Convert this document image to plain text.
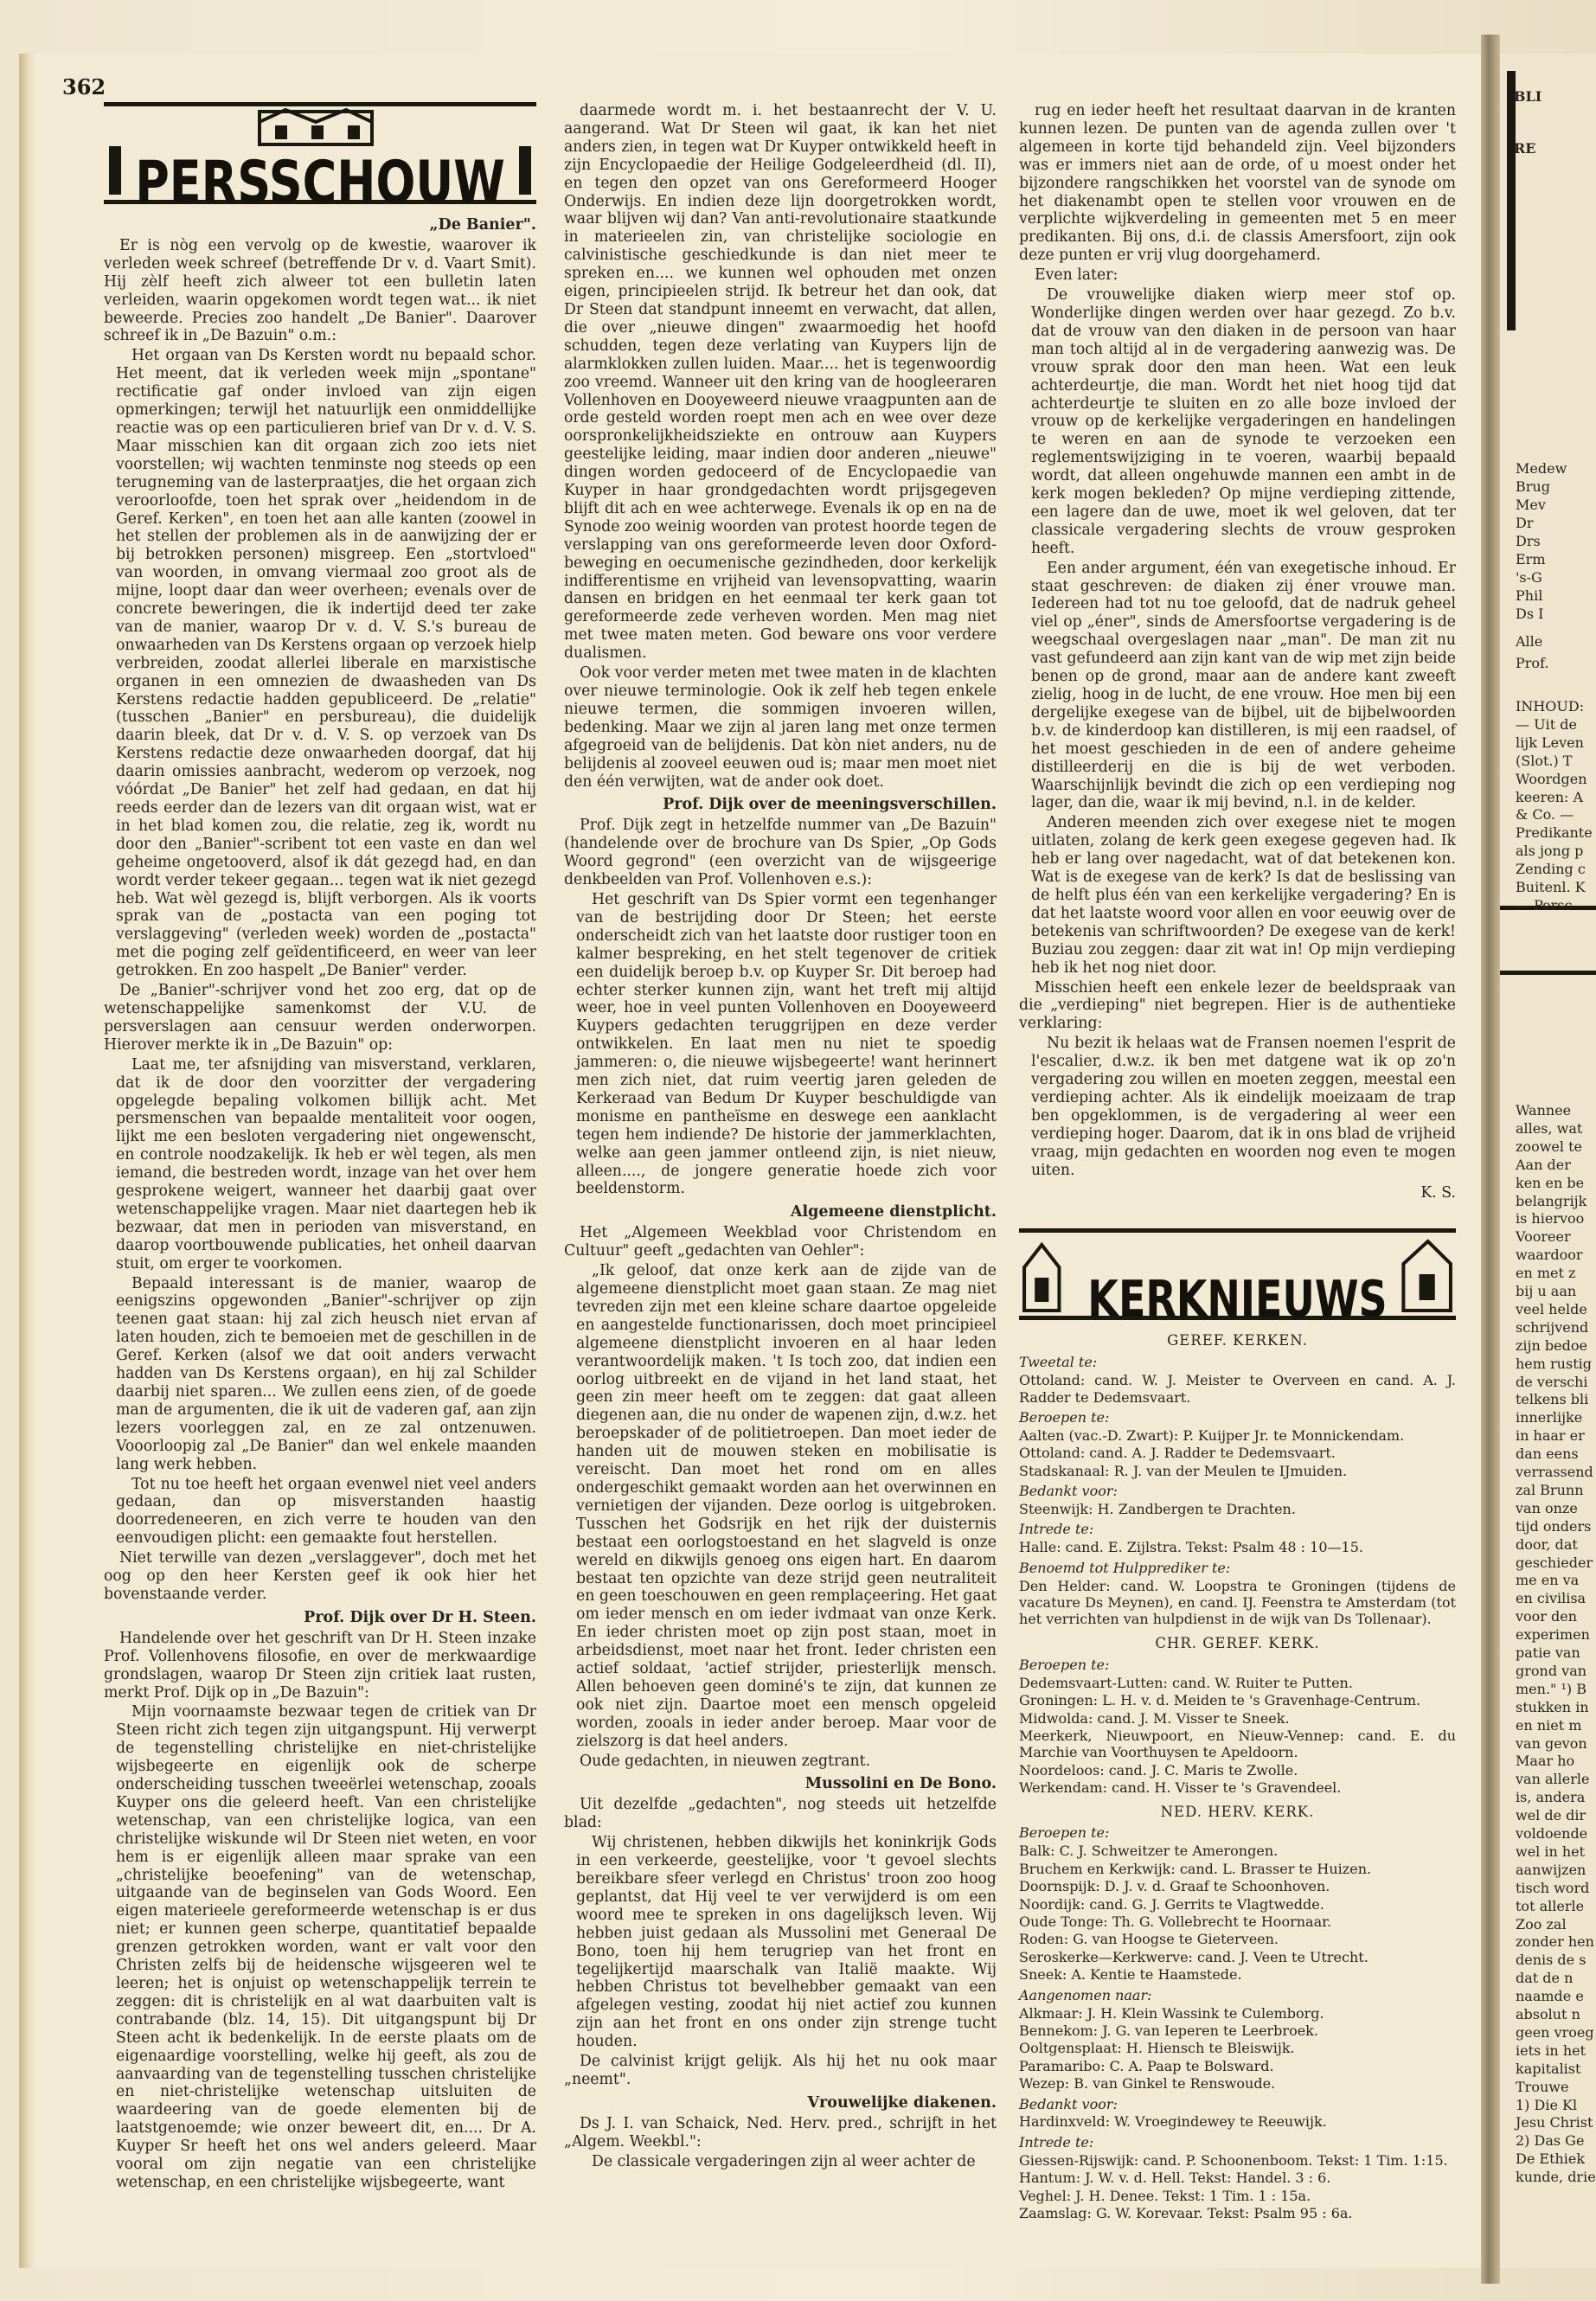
362
PERSSCHOUW
„De Banier".

Er is nòg een vervolg op de kwestie, waarover ik verleden week schreef (betreffende Dr v. d. Vaart Smit). Hij zèlf heeft zich alweer tot een bulletin laten verleiden, waarin opgekomen wordt tegen wat... ik niet beweerde. Precies zoo handelt „De Banier". Daarover schreef ik in „De Bazuin" o.m.:

Het orgaan van Ds Kersten wordt nu bepaald schor. Het meent, dat ik verleden week mijn „spontane" rectificatie gaf onder invloed van zijn eigen opmerkingen; terwijl het natuurlijk een onmiddellijke reactie was op een particulieren brief van Dr v. d. V. S. Maar misschien kan dit orgaan zich zoo iets niet voorstellen; wij wachten tenminste nog steeds op een terugneming van de lasterpraatjes, die het orgaan zich veroorloofde, toen het sprak over „heidendom in de Geref. Kerken", en toen het aan alle kanten (zoowel in het stellen der problemen als in de aanwijzing der er bij betrokken personen) misgreep. Een „stortvloed" van woorden, in omvang viermaal zoo groot als de mijne, loopt daar dan weer overheen; evenals over de concrete beweringen, die ik indertijd deed ter zake van de manier, waarop Dr v. d. V. S.'s bureau de onwaarheden van Ds Kerstens orgaan op verzoek hielp verbreiden, zoodat allerlei liberale en marxistische organen in een omnezien de dwaasheden van Ds Kerstens redactie hadden gepubliceerd. De „relatie" (tusschen „Banier" en persbureau), die duidelijk daarin bleek, dat Dr v. d. V. S. op verzoek van Ds Kerstens redactie deze onwaarheden doorgaf, dat hij daarin omissies aanbracht, wederom op verzoek, nog vóórdat „De Banier" het zelf had gedaan, en dat hij reeds eerder dan de lezers van dit orgaan wist, wat er in het blad komen zou, die relatie, zeg ik, wordt nu door den „Banier"-scribent tot een vaste en dan wel geheime ongetooverd, alsof ik dát gezegd had, en dan wordt verder tekeer gegaan... tegen wat ik niet gezegd heb. Wat wèl gezegd is, blijft verborgen. Als ik voorts sprak van de „postacta van een poging tot verslaggeving" (verleden week) worden de „postacta" met die poging zelf geïdentificeerd, en weer van leer getrokken. En zoo haspelt „De Banier" verder.

De „Banier"-schrijver vond het zoo erg, dat op de wetenschappelijke samenkomst der V.U. de persverslagen aan censuur werden onderworpen. Hierover merkte ik in „De Bazuin" op:

Laat me, ter afsnijding van misverstand, verklaren, dat ik de door den voorzitter der vergadering opgelegde bepaling volkomen billijk acht. Met persmenschen van bepaalde mentaliteit voor oogen, lijkt me een besloten vergadering niet ongewenscht, en controle noodzakelijk. Ik heb er wèl tegen, als men iemand, die bestreden wordt, inzage van het over hem gesprokene weigert, wanneer het daarbij gaat over wetenschappelijke vragen. Maar niet daartegen heb ik bezwaar, dat men in perioden van misverstand, en daarop voortbouwende publicaties, het onheil daarvan stuit, om erger te voorkomen.

Bepaald interessant is de manier, waarop de eenigszins opgewonden „Banier"-schrijver op zijn teenen gaat staan: hij zal zich heusch niet ervan af laten houden, zich te bemoeien met de geschillen in de Geref. Kerken (alsof we dat ooit anders verwacht hadden van Ds Kerstens orgaan), en hij zal Schilder daarbij niet sparen... We zullen eens zien, of de goede man de argumenten, die ik uit de vaderen gaf, aan zijn lezers voorleggen zal, en ze zal ontzenuwen. Vooorloopig zal „De Banier" dan wel enkele maanden lang werk hebben.

Tot nu toe heeft het orgaan evenwel niet veel anders gedaan, dan op misverstanden haastig doorredeneeren, en zich verre te houden van den eenvoudigen plicht: een gemaakte fout herstellen.

Niet terwille van dezen „verslaggever", doch met het oog op den heer Kersten geef ik ook hier het bovenstaande verder.

Prof. Dijk over Dr H. Steen.

Handelende over het geschrift van Dr H. Steen inzake Prof. Vollenhovens filosofie, en over de merkwaardige grondslagen, waarop Dr Steen zijn critiek laat rusten, merkt Prof. Dijk op in „De Bazuin":

Mijn voornaamste bezwaar tegen de critiek van Dr Steen richt zich tegen zijn uitgangspunt. Hij verwerpt de tegenstelling christelijke en niet-christelijke wijsbegeerte en eigenlijk ook de scherpe onderscheiding tusschen tweeërlei wetenschap, zooals Kuyper ons die geleerd heeft. Van een christelijke wetenschap, van een christelijke logica, van een christelijke wiskunde wil Dr Steen niet weten, en voor hem is er eigenlijk alleen maar sprake van een „christelijke beoefening" van de wetenschap, uitgaande van de beginselen van Gods Woord. Een eigen materieele gereformeerde wetenschap is er dus niet; er kunnen geen scherpe, quantitatief bepaalde grenzen getrokken worden, want er valt voor den Christen zelfs bij de heidensche wijsgeeren wel te leeren; het is onjuist op wetenschappelijk terrein te zeggen: dit is christelijk en al wat daarbuiten valt is contrabande (blz. 14, 15). Dit uitgangspunt bij Dr Steen acht ik bedenkelijk. In de eerste plaats om de eigenaardige voorstelling, welke hij geeft, als zou de aanvaarding van de tegenstelling tusschen christelijke en niet-christelijke wetenschap uitsluiten de waardeering van de goede elementen bij de laatstgenoemde; wie onzer beweert dit, en.... Dr A. Kuyper Sr heeft het ons wel anders geleerd. Maar vooral om zijn negatie van een christelijke wetenschap, en een christelijke wijsbegeerte, want

daarmede wordt m. i. het bestaanrecht der V. U. aangerand. Wat Dr Steen wil gaat, ik kan het niet anders zien, in tegen wat Dr Kuyper ontwikkeld heeft in zijn Encyclopaedie der Heilige Godgeleerdheid (dl. II), en tegen den opzet van ons Gereformeerd Hooger Onderwijs. En indien deze lijn doorgetrokken wordt, waar blijven wij dan? Van anti-revolutionaire staatkunde in materieelen zin, van christelijke sociologie en calvinistische geschiedkunde is dan niet meer te spreken en.... we kunnen wel ophouden met onzen eigen, principieelen strijd. Ik betreur het dan ook, dat Dr Steen dat standpunt inneemt en verwacht, dat allen, die over „nieuwe dingen" zwaarmoedig het hoofd schudden, tegen deze verlating van Kuypers lijn de alarmklokken zullen luiden. Maar.... het is tegenwoordig zoo vreemd. Wanneer uit den kring van de hoogleeraren Vollenhoven en Dooyeweerd nieuwe vraagpunten aan de orde gesteld worden roept men ach en wee over deze oorspronkelijkheidsziekte en ontrouw aan Kuypers geestelijke leiding, maar indien door anderen „nieuwe" dingen worden gedoceerd of de Encyclopaedie van Kuyper in haar grondgedachten wordt prijsgegeven blijft dit ach en wee achterwege. Evenals ik op en na de Synode zoo weinig woorden van protest hoorde tegen de verslapping van ons gereformeerde leven door Oxford-beweging en oecumenische gezindheden, door kerkelijk indifferentisme en vrijheid van levensopvatting, waarin dansen en bridgen en het eenmaal ter kerk gaan tot gereformeerde zede verheven worden. Men mag niet met twee maten meten. God beware ons voor verdere dualismen.

Ook voor verder meten met twee maten in de klachten over nieuwe terminologie. Ook ik zelf heb tegen enkele nieuwe termen, die sommigen invoeren willen, bedenking. Maar we zijn al jaren lang met onze termen afgegroeid van de belijdenis. Dat kòn niet anders, nu de belijdenis al zooveel eeuwen oud is; maar men moet niet den één verwijten, wat de ander ook doet.

Prof. Dijk over de meeningsverschillen.

Prof. Dijk zegt in hetzelfde nummer van „De Bazuin" (handelende over de brochure van Ds Spier, „Op Gods Woord gegrond" (een overzicht van de wijsgeerige denkbeelden van Prof. Vollenhoven e.s.):

Het geschrift van Ds Spier vormt een tegenhanger van de bestrijding door Dr Steen; het eerste onderscheidt zich van het laatste door rustiger toon en kalmer bespreking, en het stelt tegenover de critiek een duidelijk beroep b.v. op Kuyper Sr. Dit beroep had echter sterker kunnen zijn, want het treft mij altijd weer, hoe in veel punten Vollenhoven en Dooyeweerd Kuypers gedachten teruggrijpen en deze verder ontwikkelen. En laat men nu niet te spoedig jammeren: o, die nieuwe wijsbegeerte! want herinnert men zich niet, dat ruim veertig jaren geleden de Kerkeraad van Bedum Dr Kuyper beschuldigde van monisme en pantheïsme en deswege een aanklacht tegen hem indiende? De historie der jammerklachten, welke aan geen jammer ontleend zijn, is niet nieuw, alleen...., de jongere generatie hoede zich voor beeldenstorm.

Algemeene dienstplicht.

Het „Algemeen Weekblad voor Christendom en Cultuur" geeft „gedachten van Oehler":

„Ik geloof, dat onze kerk aan de zijde van de algemeene dienstplicht moet gaan staan. Ze mag niet tevreden zijn met een kleine schare daartoe opgeleide en aangestelde functionarissen, doch moet principieel algemeene dienstplicht invoeren en al haar leden verantwoordelijk maken. 't Is toch zoo, dat indien een oorlog uitbreekt en de vijand in het land staat, het geen zin meer heeft om te zeggen: dat gaat alleen diegenen aan, die nu onder de wapenen zijn, d.w.z. het beroepskader of de politietroepen. Dan moet ieder de handen uit de mouwen steken en mobilisatie is vereischt. Dan moet het rond om en alles ondergeschikt gemaakt worden aan het overwinnen en vernietigen der vijanden. Deze oorlog is uitgebroken. Tusschen het Godsrijk en het rijk der duisternis bestaat een oorlogstoestand en het slagveld is onze wereld en dikwijls genoeg ons eigen hart. En daarom bestaat ten opzichte van deze strijd geen neutraliteit en geen toeschouwen en geen remplaçeering. Het gaat om ieder mensch en om ieder ivdmaat van onze Kerk. En ieder christen moet op zijn post staan, moet in arbeidsdienst, moet naar het front. Ieder christen een actief soldaat, 'actief strijder, priesterlijk mensch. Allen behoeven geen dominé's te zijn, dat kunnen ze ook niet zijn. Daartoe moet een mensch opgeleid worden, zooals in ieder ander beroep. Maar voor de zielszorg is dat heel anders.

Oude gedachten, in nieuwen zegtrant.

Mussolini en De Bono.

Uit dezelfde „gedachten", nog steeds uit hetzelfde blad:

Wij christenen, hebben dikwijls het koninkrijk Gods in een verkeerde, geestelijke, voor 't gevoel slechts bereikbare sfeer verlegd en Christus' troon zoo hoog geplantst, dat Hij veel te ver verwijderd is om een woord mee te spreken in ons dagelijksch leven. Wij hebben juist gedaan als Mussolini met Generaal De Bono, toen hij hem terugriep van het front en tegelijkertijd maarschalk van Italië maakte. Wij hebben Christus tot bevelhebber gemaakt van een afgelegen vesting, zoodat hij niet actief zou kunnen zijn aan het front en ons onder zijn strenge tucht houden.

De calvinist krijgt gelijk. Als hij het nu ook maar „neemt".

Vrouwelijke diakenen.

Ds J. I. van Schaick, Ned. Herv. pred., schrijft in het „Algem. Weekbl.":

De classicale vergaderingen zijn al weer achter de

rug en ieder heeft het resultaat daarvan in de kranten kunnen lezen. De punten van de agenda zullen over 't algemeen in korte tijd behandeld zijn. Veel bijzonders was er immers niet aan de orde, of u moest onder het bijzondere rangschikken het voorstel van de synode om het diakenambt open te stellen voor vrouwen en de verplichte wijkverdeling in gemeenten met 5 en meer predikanten. Bij ons, d.i. de classis Amersfoort, zijn ook deze punten er vrij vlug doorgehamerd.

Even later:

De vrouwelijke diaken wierp meer stof op. Wonderlijke dingen werden over haar gezegd. Zo b.v. dat de vrouw van den diaken in de persoon van haar man toch altijd al in de vergadering aanwezig was. De vrouw sprak door den man heen. Wat een leuk achterdeurtje, die man. Wordt het niet hoog tijd dat achterdeurtje te sluiten en zo alle boze invloed der vrouw op de kerkelijke vergaderingen en handelingen te weren en aan de synode te verzoeken een reglementswijziging in te voeren, waarbij bepaald wordt, dat alleen ongehuwde mannen een ambt in de kerk mogen bekleden? Op mijne verdieping zittende, een lagere dan de uwe, moet ik wel geloven, dat ter classicale vergadering slechts de vrouw gesproken heeft.

Een ander argument, één van exegetische inhoud. Er staat geschreven: de diaken zij éner vrouwe man. Iedereen had tot nu toe geloofd, dat de nadruk geheel viel op „éner", sinds de Amersfoortse vergadering is de weegschaal overgeslagen naar „man". De man zit nu vast gefundeerd aan zijn kant van de wip met zijn beide benen op de grond, maar aan de andere kant zweeft zielig, hoog in de lucht, de ene vrouw. Hoe men bij een dergelijke exegese van de bijbel, uit de bijbelwoorden b.v. de kinderdoop kan distilleren, is mij een raadsel, of het moest geschieden in de een of andere geheime distilleerderij en die is bij de wet verboden. Waarschijnlijk bevindt die zich op een verdieping nog lager, dan die, waar ik mij bevind, n.l. in de kelder.

Anderen meenden zich over exegese niet te mogen uitlaten, zolang de kerk geen exegese gegeven had. Ik heb er lang over nagedacht, wat of dat betekenen kon. Wat is de exegese van de kerk? Is dat de beslissing van de helft plus één van een kerkelijke vergadering? En is dat het laatste woord voor allen en voor eeuwig over de betekenis van schriftwoorden? De exegese van de kerk! Buziau zou zeggen: daar zit wat in! Op mijn verdieping heb ik het nog niet door.

Misschien heeft een enkele lezer de beeldspraak van die „verdieping" niet begrepen. Hier is de authentieke verklaring:

Nu bezit ik helaas wat de Fransen noemen l'esprit de l'escalier, d.w.z. ik ben met datgene wat ik op zo'n vergadering zou willen en moeten zeggen, meestal een verdieping achter. Als ik eindelijk moeizaam de trap ben opgeklommen, is de vergadering al weer een verdieping hoger. Daarom, dat ik in ons blad de vrijheid vraag, mijn gedachten en woorden nog even te mogen uiten.

K. S.

KERKNIEUWS
GEREF. KERKEN.

Tweetal te:

Ottoland: cand. W. J. Meister te Overveen en cand. A. J. Radder te Dedemsvaart.

Beroepen te:

Aalten (vac.-D. Zwart): P. Kuijper Jr. te Monnickendam.

Ottoland: cand. A. J. Radder te Dedemsvaart.

Stadskanaal: R. J. van der Meulen te IJmuiden.

Bedankt voor:

Steenwijk: H. Zandbergen te Drachten.

Intrede te:

Halle: cand. E. Zijlstra. Tekst: Psalm 48 : 10—15.

Benoemd tot Hulpprediker te:

Den Helder: cand. W. Loopstra te Groningen (tijdens de vacature Ds Meynen), en cand. IJ. Feenstra te Amsterdam (tot het verrichten van hulpdienst in de wijk van Ds Tollenaar).

CHR. GEREF. KERK.

Beroepen te:

Dedemsvaart-Lutten: cand. W. Ruiter te Putten.

Groningen: L. H. v. d. Meiden te 's Gravenhage-Centrum.

Midwolda: cand. J. M. Visser te Sneek.

Meerkerk, Nieuwpoort, en Nieuw-Vennep: cand. E. du Marchie van Voorthuysen te Apeldoorn.

Noordeloos: cand. J. C. Maris te Zwolle.

Werkendam: cand. H. Visser te 's Gravendeel.

NED. HERV. KERK.

Beroepen te:

Balk: C. J. Schweitzer te Amerongen.

Bruchem en Kerkwijk: cand. L. Brasser te Huizen.

Doornspijk: D. J. v. d. Graaf te Schoonhoven.

Noordijk: cand. G. J. Gerrits te Vlagtwedde.

Oude Tonge: Th. G. Vollebrecht te Hoornaar.

Roden: G. van Hoogse te Gieterveen.

Seroskerke—Kerkwerve: cand. J. Veen te Utrecht.

Sneek: A. Kentie te Haamstede.

Aangenomen naar:

Alkmaar: J. H. Klein Wassink te Culemborg.

Bennekom: J. G. van Ieperen te Leerbroek.

Ooltgensplaat: H. Hiensch te Bleiswijk.

Paramaribo: C. A. Paap te Bolsward.

Wezep: B. van Ginkel te Renswoude.

Bedankt voor:

Hardinxveld: W. Vroegindewey te Reeuwijk.

Intrede te:

Giessen-Rijswijk: cand. P. Schoonenboom. Tekst: 1 Tim. 1:15.

Hantum: J. W. v. d. Hell. Tekst: Handel. 3 : 6.

Veghel: J. H. Denee. Tekst: 1 Tim. 1 : 15a.

Zaamslag: G. W. Korevaar. Tekst: Psalm 95 : 6a.

BLI
RE
Medew
Brug
Mev
Dr
Drs
Erm
's-G
Phil
Ds I
Alle
Prof.
INHOUD:
— Uit de
lijk Leven
(Slot.) T
Woordgen
keeren: A
& Co. —
Predikante
als jong p
Zending c
Buitenl. K
— Persc
Wannee
alles, wat
zoowel te
Aan der
ken en be
belangrijk
is hiervoo
Vooreer
waardoor
en met z
bij u aan
veel helde
schrijvend
zijn bedoe
hem rustig
de verschi
telkens bli
innerlijke
in haar er
dan eens
verrassend
zal Brunn
van onze
tijd onders
door, dat
geschieder
me en va
en civilisa
voor den
experimen
patie van
grond van
men." ¹) B
stukken in
en niet m
van gevon
Maar ho
van allerle
is, andera
wel de dir
voldoende
wel in het
aanwijzen
tisch word
tot allerle
Zoo zal
zonder hen
denis de s
dat de n
naamde e
absolut n
geen vroeg
iets in het
kapitalist
Trouwe
1) Die Kl
Jesu Christ
2) Das Ge
De Ethiek
kunde, drie
